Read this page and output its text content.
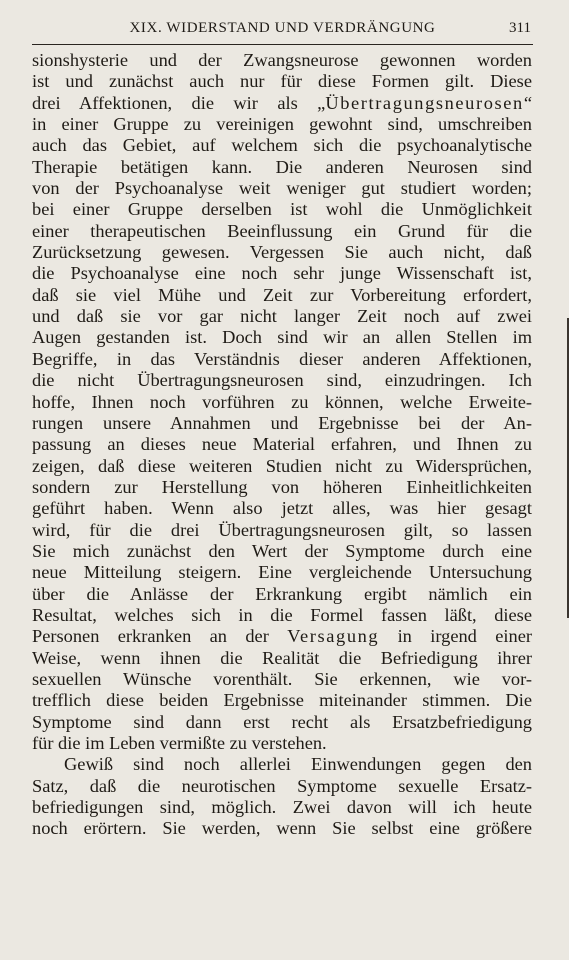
XIX. WIDERSTAND UND VERDRÄNGUNG	311
sionshysterie und der Zwangsneurose gewonnen worden
ist und zunächst auch nur für diese Formen gilt. Diese
drei Affektionen, die wir als „Übertragungsneurosen“
in einer Gruppe zu vereinigen gewohnt sind, umschreiben
auch das Gebiet, auf welchem sich die psychoanalytische
Therapie betätigen kann. Die anderen Neurosen sind
von der Psychoanalyse weit weniger gut studiert worden;
bei einer Gruppe derselben ist wohl die Unmöglichkeit
einer therapeutischen Beeinflussung ein Grund für die
Zurücksetzung gewesen. Vergessen Sie auch nicht, daß
die Psychoanalyse eine noch sehr junge Wissenschaft ist,
daß sie viel Mühe und Zeit zur Vorbereitung erfordert,
und daß sie vor gar nicht langer Zeit noch auf zwei
Augen gestanden ist. Doch sind wir an allen Stellen im
Begriffe, in das Verständnis dieser anderen Affektionen,
die nicht Übertragungsneurosen sind, einzudringen. Ich
hoffe, Ihnen noch vorführen zu können, welche Erweite-
rungen unsere Annahmen und Ergebnisse bei der An-
passung an dieses neue Material erfahren, und Ihnen zu
zeigen, daß diese weiteren Studien nicht zu Widersprüchen,
sondern zur Herstellung von höheren Einheitlichkeiten
geführt haben. Wenn also jetzt alles, was hier gesagt
wird, für die drei Übertragungsneurosen gilt, so lassen
Sie mich zunächst den Wert der Symptome durch eine
neue Mitteilung steigern. Eine vergleichende Untersuchung
über die Anlässe der Erkrankung ergibt nämlich ein
Resultat, welches sich in die Formel fassen läßt, diese
Personen erkranken an der Versagung in irgend einer
Weise, wenn ihnen die Realität die Befriedigung ihrer
sexuellen Wünsche vorenthält. Sie erkennen, wie vor-
trefflich diese beiden Ergebnisse miteinander stimmen. Die
Symptome sind dann erst recht als Ersatzbefriedigung
für die im Leben vermißte zu verstehen.
Gewiß sind noch allerlei Einwendungen gegen den
Satz, daß die neurotischen Symptome sexuelle Ersatz-
befriedigungen sind, möglich. Zwei davon will ich heute
noch erörtern. Sie werden, wenn Sie selbst eine größere
